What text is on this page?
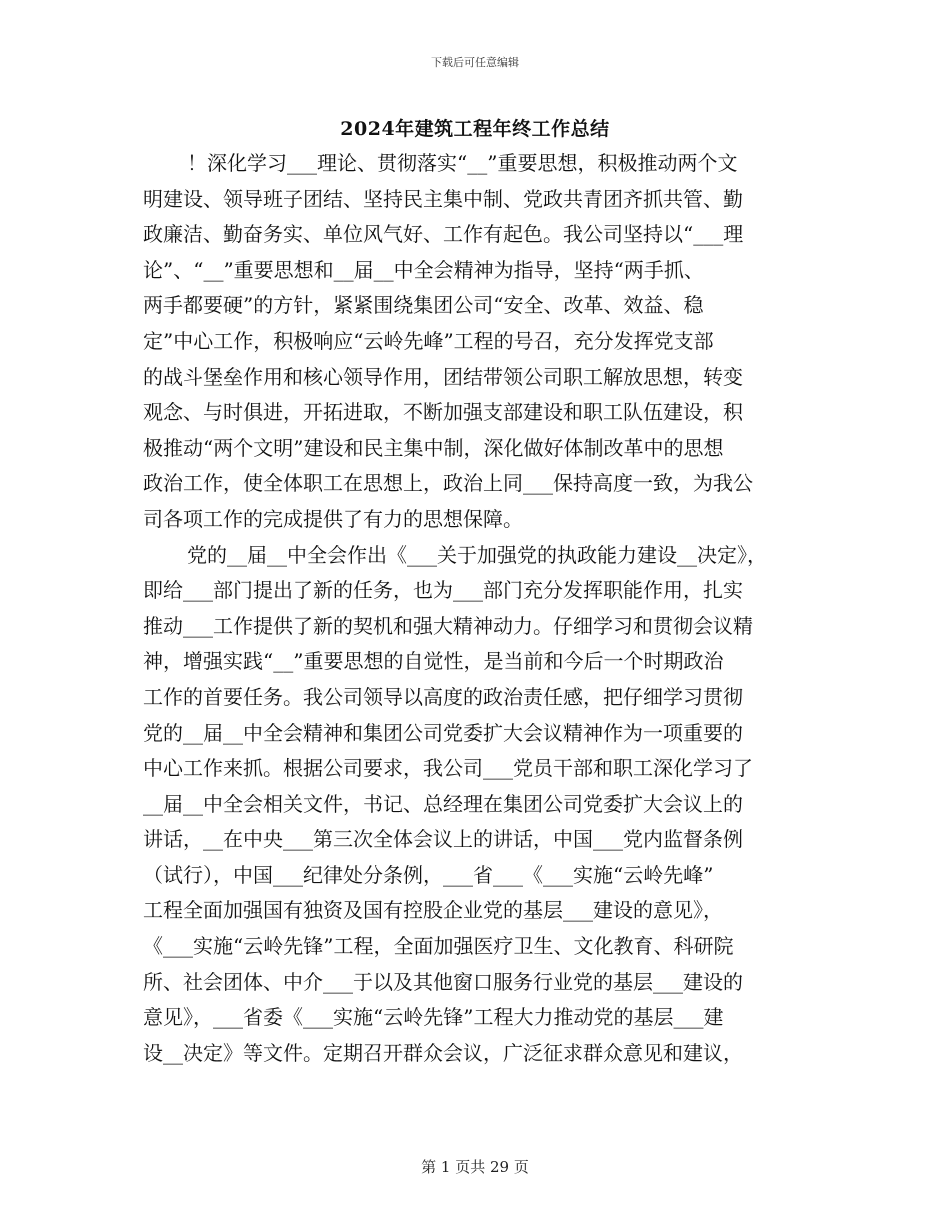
下载后可任意编辑
2024年建筑工程年终工作总结
！深化学习___理论、贯彻落实“__”重要思想，积极推动两个文
明建设、领导班子团结、坚持民主集中制、党政共青团齐抓共管、勤
政廉洁、勤奋务实、单位风气好、工作有起色。我公司坚持以“___理
论”、“__”重要思想和__届__中全会精神为指导，坚持“两手抓、
两手都要硬”的方针，紧紧围绕集团公司“安全、改革、效益、稳
定”中心工作，积极响应“云岭先峰”工程的号召，充分发挥党支部
的战斗堡垒作用和核心领导作用，团结带领公司职工解放思想，转变
观念、与时俱进，开拓进取，不断加强支部建设和职工队伍建设，积
极推动“两个文明”建设和民主集中制，深化做好体制改革中的思想
政治工作，使全体职工在思想上，政治上同___保持高度一致，为我公
司各项工作的完成提供了有力的思想保障。
党的__届__中全会作出《___关于加强党的执政能力建设__决定》，
即给___部门提出了新的任务，也为___部门充分发挥职能作用，扎实
推动___工作提供了新的契机和强大精神动力。仔细学习和贯彻会议精
神，增强实践“__”重要思想的自觉性，是当前和今后一个时期政治
工作的首要任务。我公司领导以高度的政治责任感，把仔细学习贯彻
党的__届__中全会精神和集团公司党委扩大会议精神作为一项重要的
中心工作来抓。根据公司要求，我公司___党员干部和职工深化学习了
__届__中全会相关文件，书记、总经理在集团公司党委扩大会议上的
讲话，__在中央___第三次全体会议上的讲话，中国___党内监督条例
（试行），中国___纪律处分条例，___省___《___实施“云岭先峰”
工程全面加强国有独资及国有控股企业党的基层___建设的意见》，
《___实施“云岭先锋”工程，全面加强医疗卫生、文化教育、科研院
所、社会团体、中介___于以及其他窗口服务行业党的基层___建设的
意见》，___省委《___实施“云岭先锋”工程大力推动党的基层___建
设__决定》等文件。定期召开群众会议，广泛征求群众意见和建议，
第 1 页共 29 页
